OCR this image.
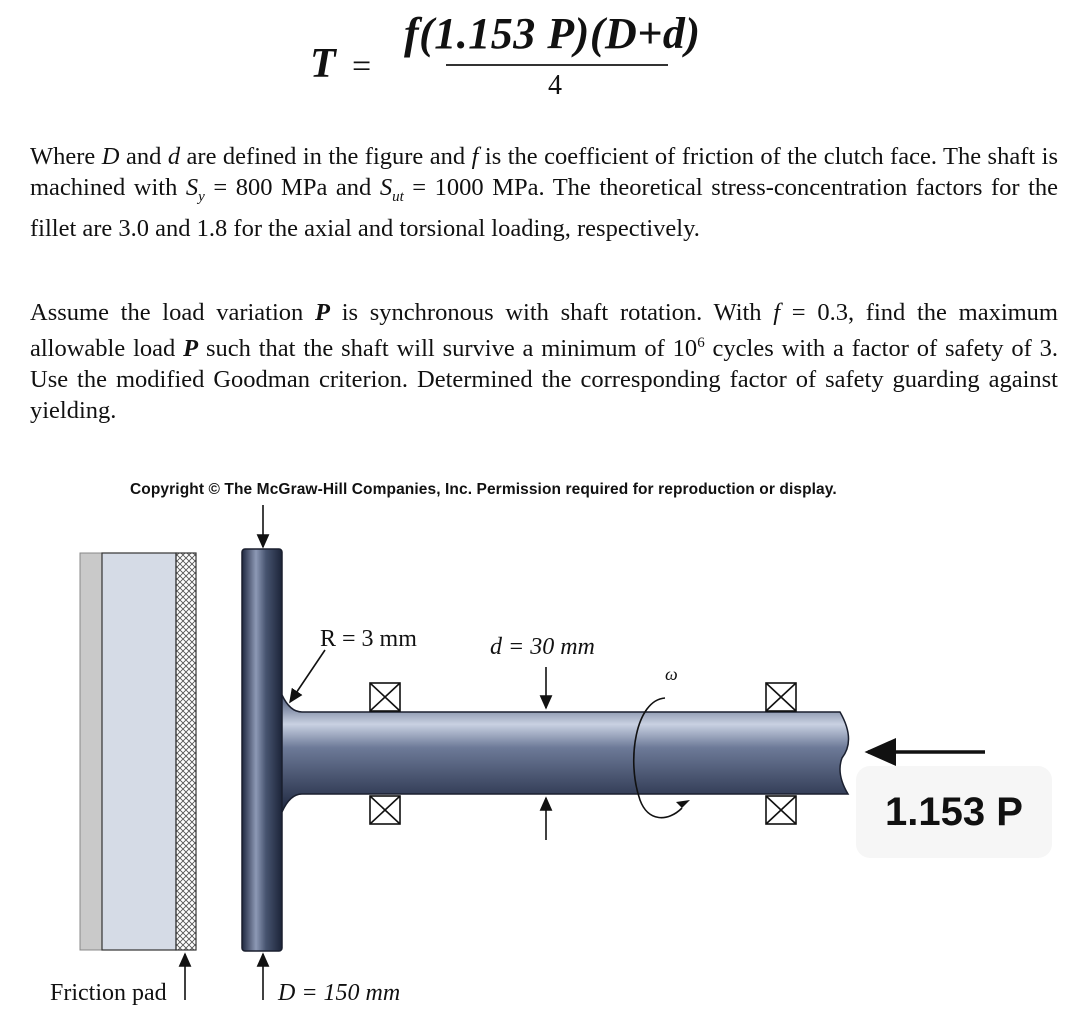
T =
f(1.153 P)(D+d)
4

Where D and d are defined in the figure and f is the coefficient of friction of the clutch face. The shaft is machined with $S_y = 800$ MPa and $S_{ut} = 1000$ MPa. The theoretical stress-concentration factors for the fillet are 3.0 and 1.8 for the axial and torsional loading, respectively.

Assume the load variation P is synchronous with shaft rotation. With f = 0.3, find the maximum allowable load P such that the shaft will survive a minimum of $10^6$ cycles with a factor of safety of 3. Use the modified Goodman criterion. Determined the corresponding factor of safety guarding against yielding.

Copyright © The McGraw-Hill Companies, Inc. Permission required for reproduction or display.
R = 3 mm	d = 30 mm
ω
Friction pad	D = 150 mm
1.153 P
